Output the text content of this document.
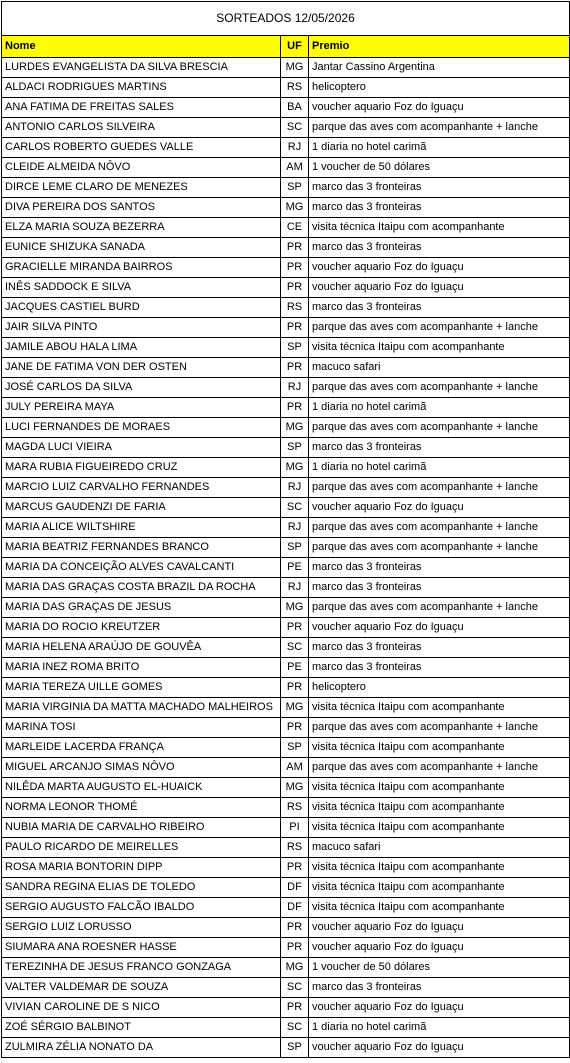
SORTEADOS 12/05/2026
Nome	UF Premio
LURDES EVANGELISTA DA SILVA BRESCIA	MG Jantar Cassino Argentina
ALDACI RODRIGUES MARTINS	RS helicoptero
ANA FATIMA DE FREITAS SALES	BA voucher aquario Foz do Iguaçu
ANTONIO CARLOS SILVEIRA	SC parque das aves com acompanhante + lanche
CARLOS ROBERTO GUEDES VALLE	RJ 1 diaria no hotel carimã
CLEIDE ALMEIDA NÔVO	AM 1 voucher de 50 dólares
DIRCE LEME CLARO DE MENEZES	SP marco das 3 fronteiras
DIVA PEREIRA DOS SANTOS	MG marco das 3 fronteiras
ELZA MARIA SOUZA BEZERRA	CE visita técnica Itaipu com acompanhante
EUNICE SHIZUKA SANADA	PR marco das 3 fronteiras
GRACIELLE MIRANDA BAIRROS	PR voucher aquario Foz do Iguaçu
INÊS SADDOCK E SILVA	PR voucher aquario Foz do Iguaçu
JACQUES CASTIEL BURD	RS marco das 3 fronteiras
JAIR SILVA PINTO	PR parque das aves com acompanhante + lanche
JAMILE ABOU HALA LIMA	SP visita técnica Itaipu com acompanhante
JANE DE FATIMA VON DER OSTEN	PR macuco safari
JOSÉ CARLOS DA SILVA	RJ parque das aves com acompanhante + lanche
JULY PEREIRA MAYA	PR 1 diaria no hotel carimã
LUCI FERNANDES DE MORAES	MG parque das aves com acompanhante + lanche
MAGDA LUCI VIEIRA	SP marco das 3 fronteiras
MARA RUBIA FIGUEIREDO CRUZ	MG 1 diaria no hotel carimã
MARCIO LUIZ CARVALHO FERNANDES	RJ parque das aves com acompanhante + lanche
MARCUS GAUDENZI DE FARIA	SC voucher aquario Foz do Iguaçu
MARIA ALICE WILTSHIRE	RJ parque das aves com acompanhante + lanche
MARIA BEATRIZ FERNANDES BRANCO	SP parque das aves com acompanhante + lanche
MARIA DA CONCEIÇÃO ALVES CAVALCANTI	PE marco das 3 fronteiras
MARIA DAS GRAÇAS COSTA BRAZIL DA ROCHA	RJ marco das 3 fronteiras
MARIA DAS GRAÇAS DE JESUS	MG parque das aves com acompanhante + lanche
MARIA DO ROCIO KREUTZER	PR voucher aquario Foz do Iguaçu
MARIA HELENA ARAÚJO DE GOUVÊA	SC marco das 3 fronteiras
MARIA INEZ ROMA BRITO	PE marco das 3 fronteiras
MARIA TEREZA UILLE GOMES	PR helicoptero
MARIA VIRGINIA DA MATTA MACHADO MALHEIROS	MG visita técnica Itaipu com acompanhante
MARINA TOSI	PR parque das aves com acompanhante + lanche
MARLEIDE LACERDA FRANÇA	SP visita técnica Itaipu com acompanhante
MIGUEL ARCANJO SIMAS NÔVO	AM parque das aves com acompanhante + lanche
NILÊDA MARTA AUGUSTO EL-HUAICK	MG visita técnica Itaipu com acompanhante
NORMA LEONOR THOMÉ	RS visita técnica Itaipu com acompanhante
NUBIA MARIA DE CARVALHO RIBEIRO	PI	visita técnica Itaipu com acompanhante
PAULO RICARDO DE MEIRELLES	RS macuco safari
ROSA MARIA BONTORIN DIPP	PR visita técnica Itaipu com acompanhante
SANDRA REGINA ELIAS DE TOLEDO	DF visita técnica Itaipu com acompanhante
SERGIO AUGUSTO FALCÃO IBALDO	DF visita técnica Itaipu com acompanhante
SERGIO LUIZ LORUSSO	PR voucher aquario Foz do Iguaçu
SIUMARA ANA ROESNER HASSE	PR voucher aquario Foz do Iguaçu
TEREZINHA DE JESUS FRANCO GONZAGA	MG 1 voucher de 50 dólares
VALTER VALDEMAR DE SOUZA	SC marco das 3 fronteiras
VIVIAN CAROLINE DE S NICO	PR voucher aquario Foz do Iguaçu
ZOÉ SÉRGIO BALBINOT	SC 1 diaria no hotel carimã
ZULMIRA ZÉLIA NONATO DA	SP voucher aquario Foz do Iguaçu
